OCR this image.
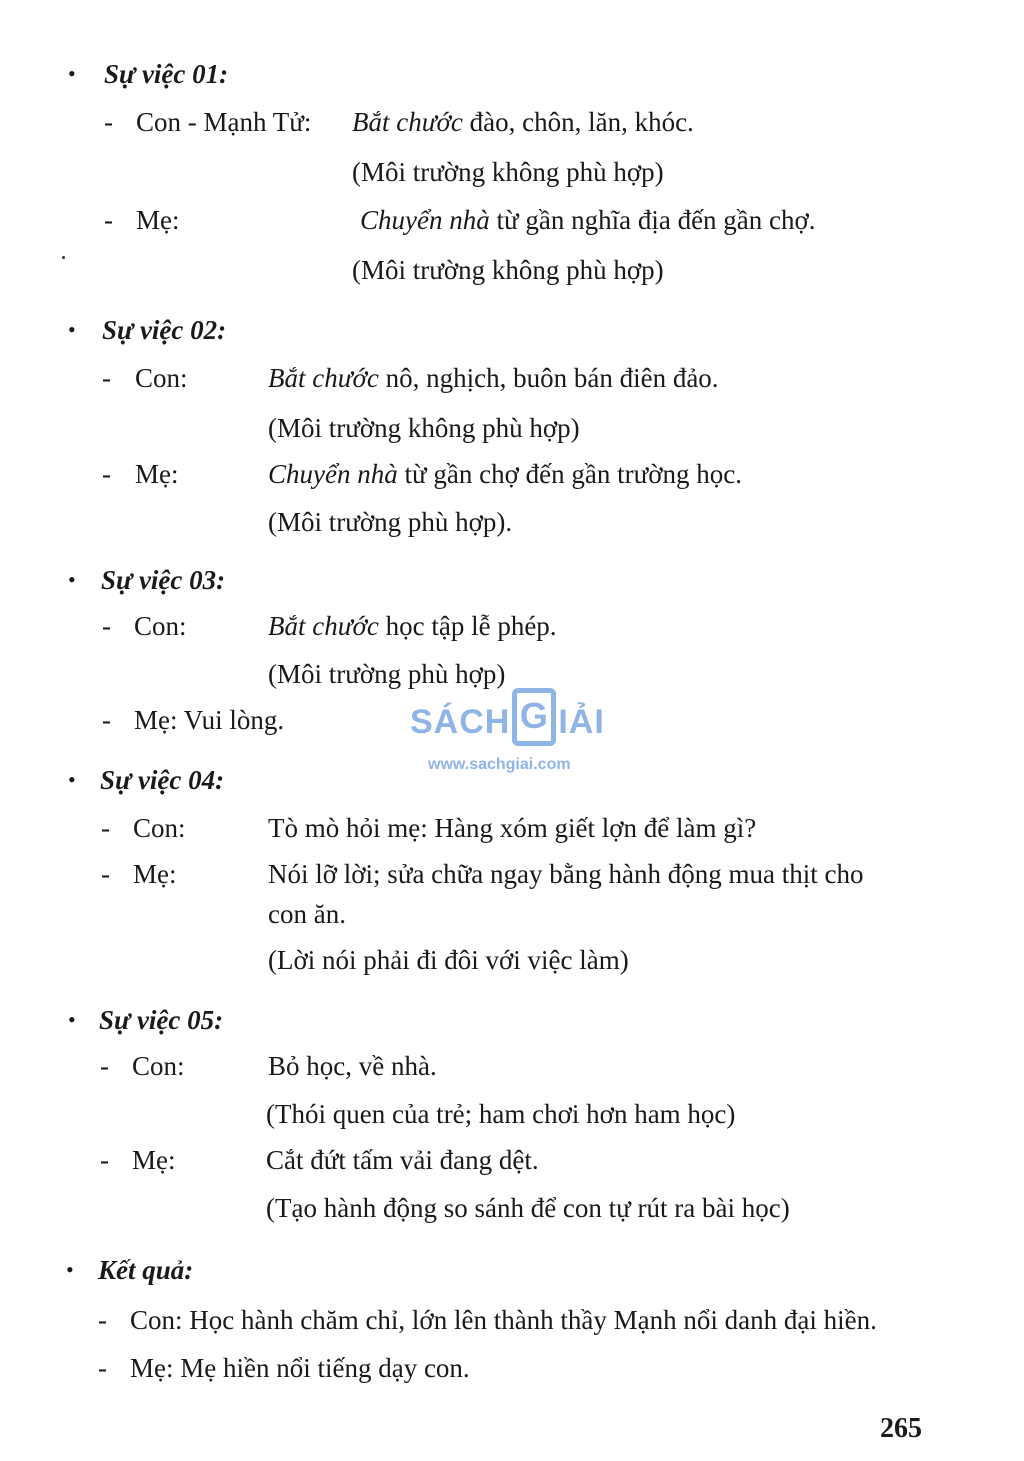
• Sự việc 01:
- Con - Mạnh Tử: Bắt chước đào, chôn, lăn, khóc.
(Môi trường không phù hợp)
- Mẹ:	Chuyển nhà từ gần nghĩa địa đến gần chợ.
(Môi trường không phù hợp)
• Sự việc 02:
- Con:	Bắt chước nô, nghịch, buôn bán điên đảo.
(Môi trường không phù hợp)
- Mẹ:	Chuyển nhà từ gần chợ đến gần trường học.
(Môi trường phù hợp).
• Sự việc 03:
- Con:	Bắt chước học tập lễ phép.
(Môi trường phù hợp)
- Mẹ: Vui lòng.	SÁCH G IẢI
www.sachgiai.com
• Sự việc 04:
- Con:	Tò mò hỏi mẹ: Hàng xóm giết lợn để làm gì?
- Mẹ:	Nói lỡ lời; sửa chữa ngay bằng hành động mua thịt cho
con ăn.
(Lời nói phải đi đôi với việc làm)
• Sự việc 05:
- Con:	Bỏ học, về nhà.
(Thói quen của trẻ; ham chơi hơn ham học)
- Mẹ:	Cắt đứt tấm vải đang dệt.
(Tạo hành động so sánh để con tự rút ra bài học)
• Kết quả:
- Con: Học hành chăm chỉ, lớn lên thành thầy Mạnh nổi danh đại hiền.
- Mẹ: Mẹ hiền nổi tiếng dạy con.
265
